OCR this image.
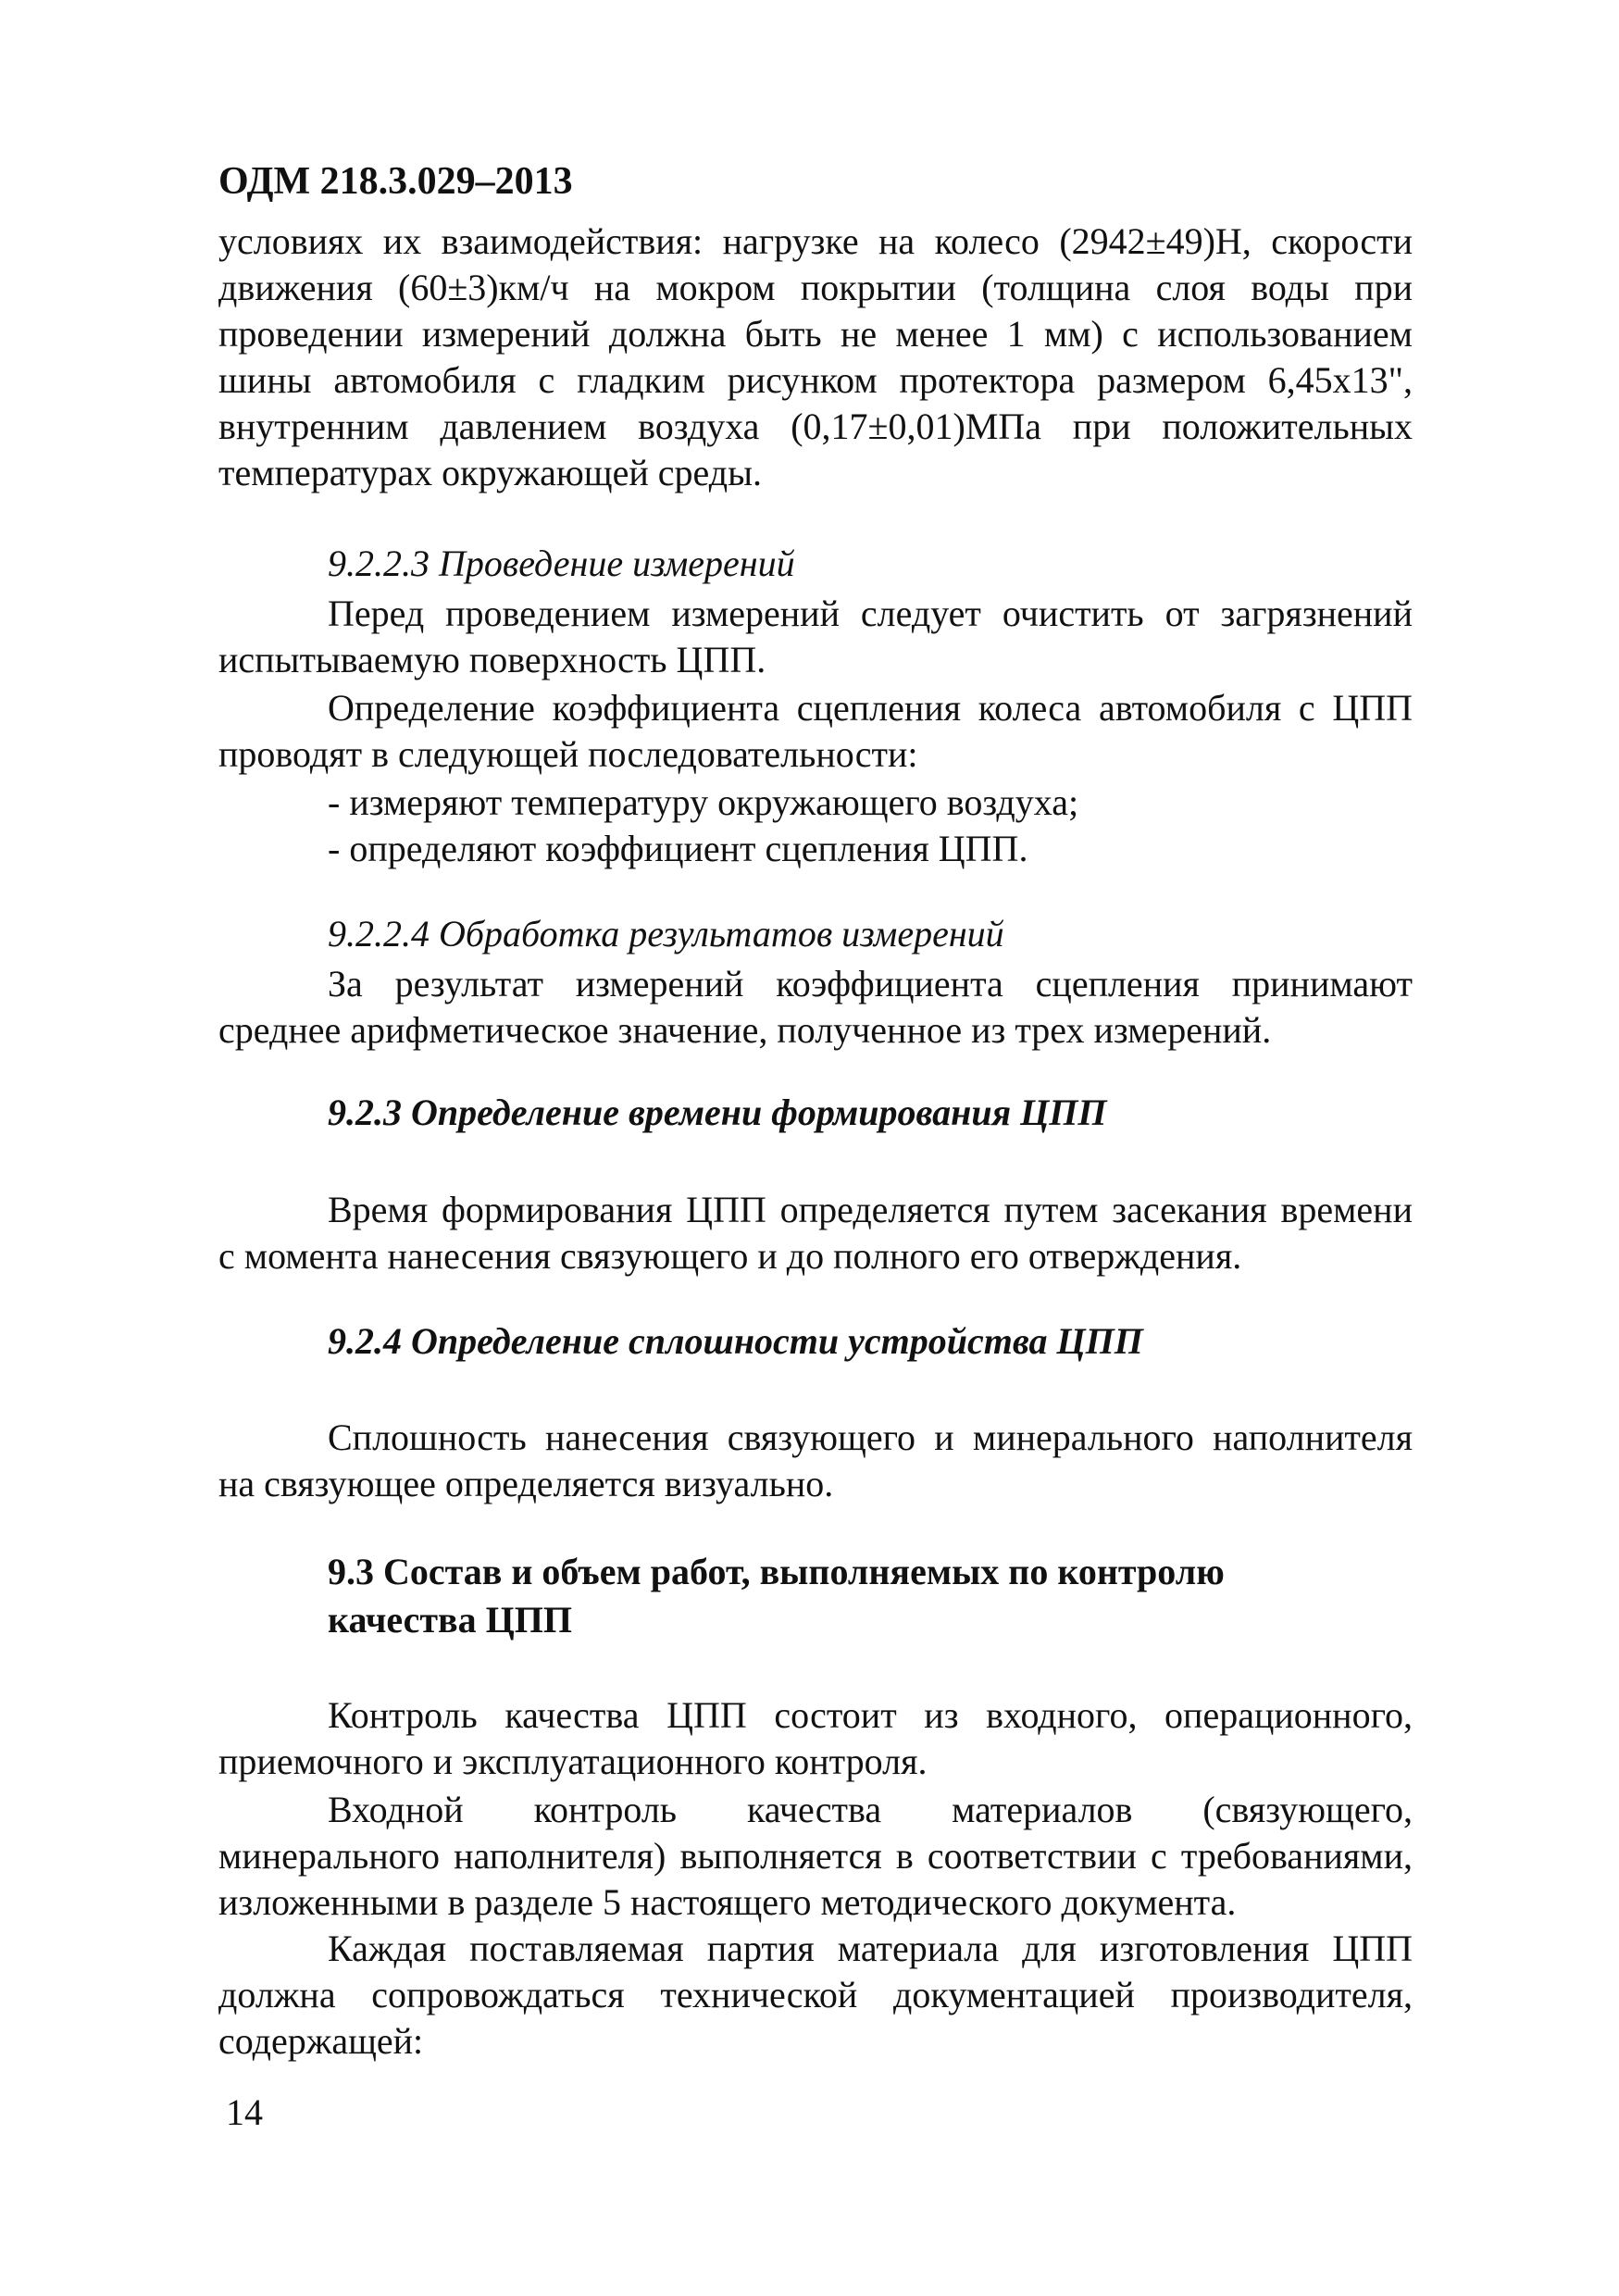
ОДМ 218.3.029–2013
условиях их взаимодействия: нагрузке на колесо (2942±49)Н, скорости
движения (60±3)км/ч на мокром покрытии (толщина слоя воды при
проведении измерений должна быть не менее 1 мм) с использованием
шины автомобиля с гладким рисунком протектора размером 6,45x13",
внутренним давлением воздуха (0,17±0,01)МПа при положительных
температурах окружающей среды.
9.2.2.3 Проведение измерений
Перед проведением измерений следует очистить от загрязнений
испытываемую поверхность ЦПП.
Определение коэффициента сцепления колеса автомобиля с ЦПП
проводят в следующей последовательности:
- измеряют температуру окружающего воздуха;
- определяют коэффициент сцепления ЦПП.
9.2.2.4 Обработка результатов измерений
За результат измерений коэффициента сцепления принимают
среднее арифметическое значение, полученное из трех измерений.
9.2.3 Определение времени формирования ЦПП
Время формирования ЦПП определяется путем засекания времени
с момента нанесения связующего и до полного его отверждения.
9.2.4 Определение сплошности устройства ЦПП
Сплошность нанесения связующего и минерального наполнителя
на связующее определяется визуально.
9.3 Состав и объем работ, выполняемых по контролю
качества ЦПП
Контроль качества ЦПП состоит из входного, операционного,
приемочного и эксплуатационного контроля.
Входной контроль качества материалов (связующего,
минерального наполнителя) выполняется в соответствии с требованиями,
изложенными в разделе 5 настоящего методического документа.
Каждая поставляемая партия материала для изготовления ЦПП
должна сопровождаться технической документацией производителя,
содержащей:
14
